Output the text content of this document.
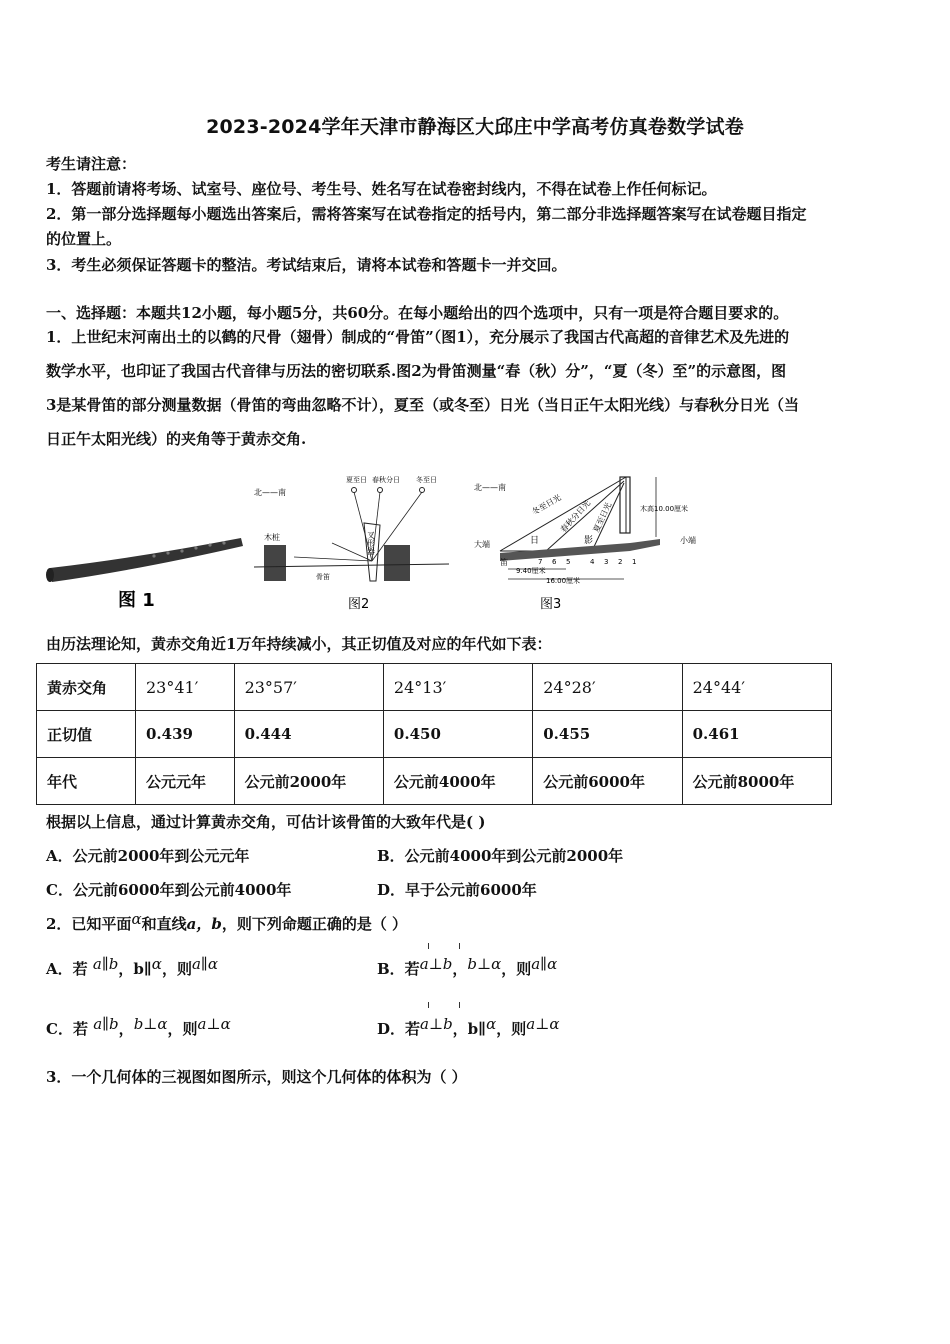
2023-2024学年天津市静海区大邱庄中学高考仿真卷数学试卷
考生请注意：
1．答题前请将考场、试室号、座位号、考生号、姓名写在试卷密封线内，不得在试卷上作任何标记。
2．第一部分选择题每小题选出答案后，需将答案写在试卷指定的括号内，第二部分非选择题答案写在试卷题目指定
的位置上。
3．考生必须保证答题卡的整洁。考试结束后，请将本试卷和答题卡一并交回。
一、选择题：本题共12小题，每小题5分，共60分。在每小题给出的四个选项中，只有一项是符合题目要求的。
1．上世纪末河南出土的以鹤的尺骨（翅骨）制成的“骨笛”（图1），充分展示了我国古代高超的音律艺术及先进的
数学水平，也印证了我国古代音律与历法的密切联系.图2为骨笛测量“春（秋）分”，“夏（冬）至”的示意图，图
3是某骨笛的部分测量数据（骨笛的弯曲忽略不计），夏至（或冬至）日光（当日正午太阳光线）与春秋分日光（当
日正午太阳光线）的夹角等于黄赤交角.
图 1
北——南
夏至日 春秋分日 冬至日
木桩	叉形器
骨笛
图2
北——南
冬至日光
春秋分日光 夏至日光
日	影
大端	小端
笛	7 6 5	4 3 2 1
木高10.00厘米
9.40厘米
16.00厘米
图3
由历法理论知，黄赤交角近1万年持续减小，其正切值及对应的年代如下表：
黄赤交角	23°41′	23°57′	24°13′	24°28′	24°44′
正切值	0.439	0.444	0.450	0.455	0.461
年代	公元元年	公元前2000年	公元前4000年	公元前6000年	公元前8000年
根据以上信息，通过计算黄赤交角，可估计该骨笛的大致年代是( )
A．公元前2000年到公元元年	B．公元前4000年到公元前2000年
C．公元前6000年到公元前4000年	D．早于公元前6000年
2．已知平面α和直线a，b，则下列命题正确的是（ ）
A．若 a∥b，b∥α，则a∥α	B．若a⊥b，b⊥α，则a∥α
C．若 a∥b，b⊥α，则a⊥α	D．若a⊥b，b∥α，则a⊥α
3．一个几何体的三视图如图所示，则这个几何体的体积为（ ）
